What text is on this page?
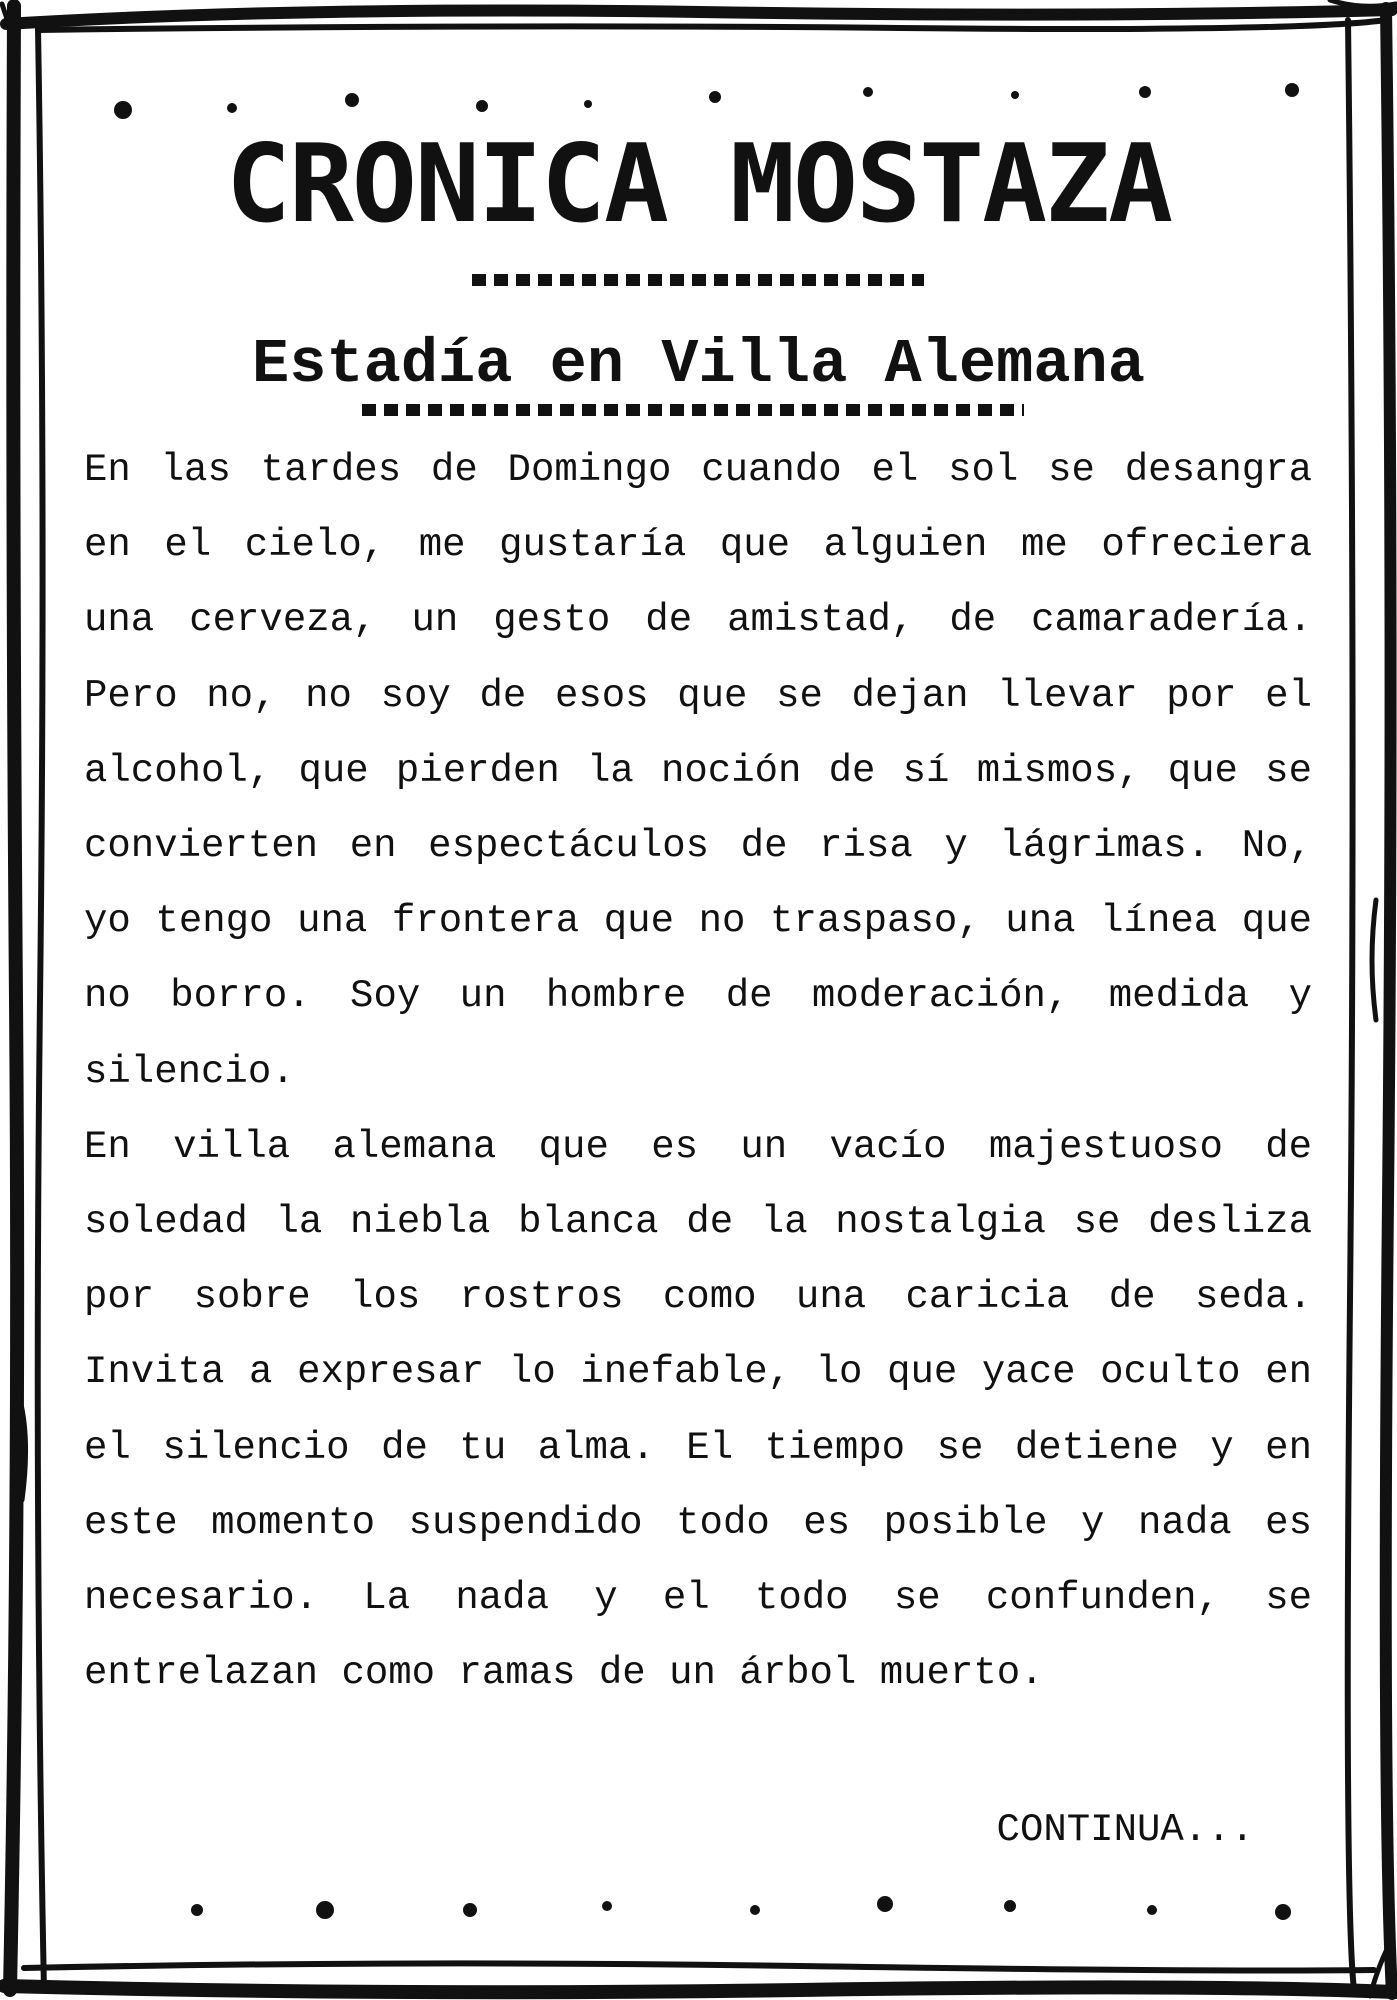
CRONICA MOSTAZA
Estadía en Villa Alemana

En las tardes de Domingo cuando el sol se desangra en el cielo, me gustaría que alguien me ofreciera una cerveza, un gesto de amistad, de camaradería. Pero no, no soy de esos que se dejan llevar por el alcohol, que pierden la noción de sí mismos, que se convierten en espectáculos de risa y lágrimas. No, yo tengo una frontera que no traspaso, una línea que no borro. Soy un hombre de moderación, medida y silencio.

En villa alemana que es un vacío majestuoso de soledad la niebla blanca de la nostalgia se desliza por sobre los rostros como una caricia de seda. Invita a expresar lo inefable, lo que yace oculto en el silencio de tu alma. El tiempo se detiene y en este momento suspendido todo es posible y nada es necesario. La nada y el todo se confunden, se entrelazan como ramas de un árbol muerto.

CONTINUA...
